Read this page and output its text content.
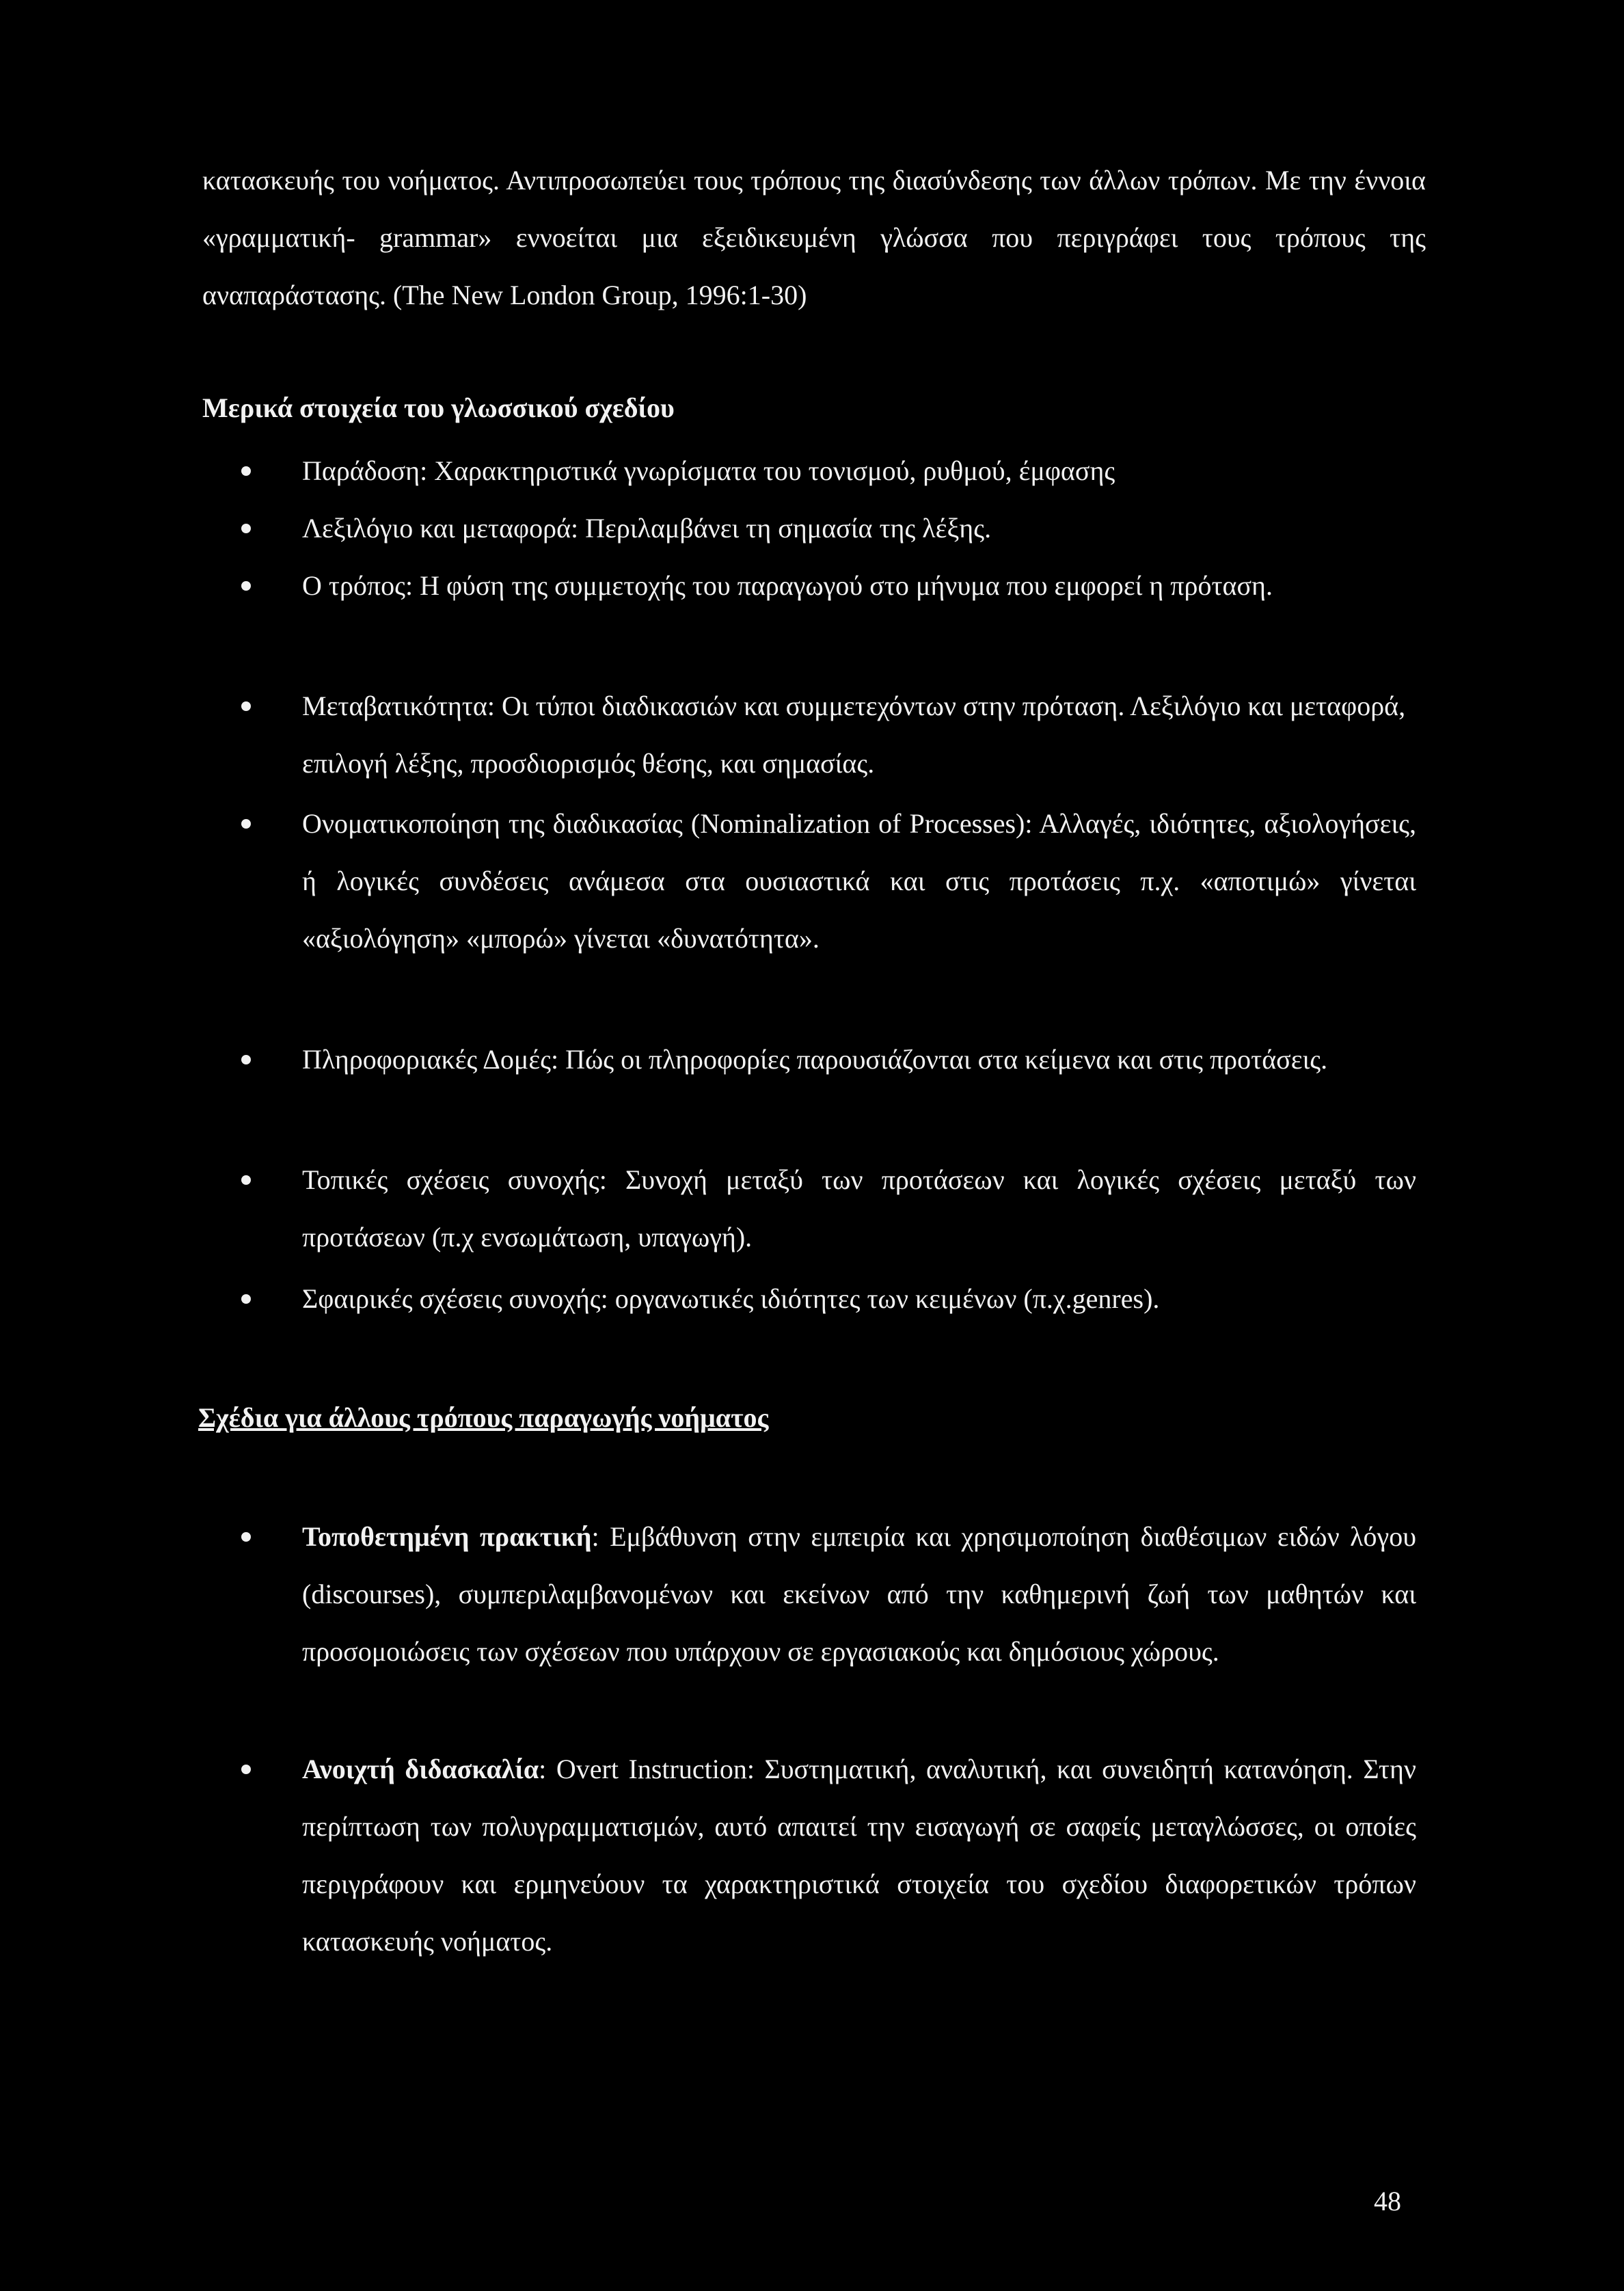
κατασκευής του νοήματος. Αντιπροσωπεύει τους τρόπους της διασύνδεσης των άλλων τρόπων. Με την έννοια «γραμματική- grammar» εννοείται μια εξειδικευμένη γλώσσα που περιγράφει τους τρόπους της αναπαράστασης. (The New London Group, 1996:1-30)

Μερικά στοιχεία του γλωσσικού σχεδίου

Παράδοση: Χαρακτηριστικά γνωρίσματα του τονισμού, ρυθμού, έμφασης

Λεξιλόγιο και μεταφορά: Περιλαμβάνει τη σημασία της λέξης.

Ο τρόπος: Η φύση της συμμετοχής του παραγωγού στο μήνυμα που εμφορεί η πρόταση.

Μεταβατικότητα: Οι τύποι διαδικασιών και συμμετεχόντων στην πρόταση. Λεξιλόγιο και μεταφορά, επιλογή λέξης, προσδιορισμός θέσης, και σημασίας.

Ονοματικοποίηση της διαδικασίας (Nominalization of Processes): Αλλαγές, ιδιότητες, αξιολογήσεις, ή λογικές συνδέσεις ανάμεσα στα ουσιαστικά και στις προτάσεις π.χ. «αποτιμώ» γίνεται «αξιολόγηση» «μπορώ» γίνεται «δυνατότητα».

Πληροφοριακές Δομές: Πώς οι πληροφορίες παρουσιάζονται στα κείμενα και στις προτάσεις.

Τοπικές σχέσεις συνοχής: Συνοχή μεταξύ των προτάσεων και λογικές σχέσεις μεταξύ των προτάσεων (π.χ ενσωμάτωση, υπαγωγή).

Σφαιρικές σχέσεις συνοχής: οργανωτικές ιδιότητες των κειμένων (π.χ.genres).

Σχέδια για άλλους τρόπους παραγωγής νοήματος

Τοποθετημένη πρακτική: Εμβάθυνση στην εμπειρία και χρησιμοποίηση διαθέσιμων ειδών λόγου (discourses), συμπεριλαμβανομένων και εκείνων από την καθημερινή ζωή των μαθητών και προσομοιώσεις των σχέσεων που υπάρχουν σε εργασιακούς και δημόσιους χώρους.

Ανοιχτή διδασκαλία: Overt Instruction: Συστηματική, αναλυτική, και συνειδητή κατανόηση. Στην περίπτωση των πολυγραμματισμών, αυτό απαιτεί την εισαγωγή σε σαφείς μεταγλώσσες, οι οποίες περιγράφουν και ερμηνεύουν τα χαρακτηριστικά στοιχεία του σχεδίου διαφορετικών τρόπων κατασκευής νοήματος.

48
